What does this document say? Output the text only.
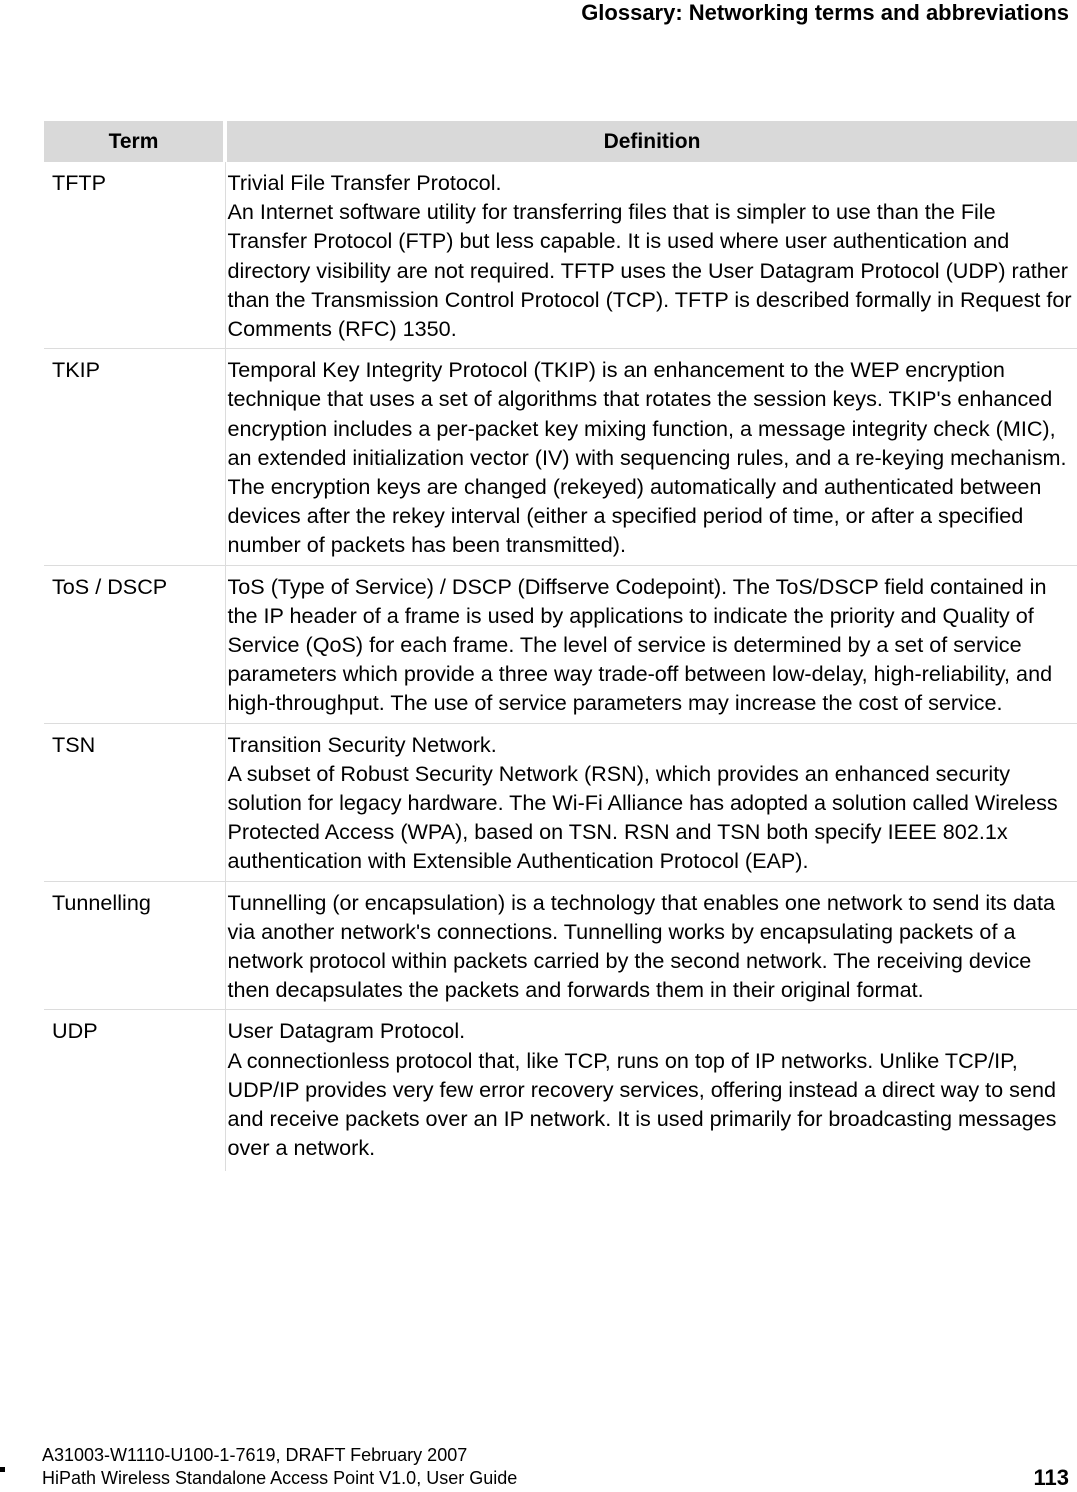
Glossary: Networking terms and abbreviations
Term	Definition
TFTP	Trivial File Transfer Protocol.
An Internet software utility for transferring files that is simpler to use than the File Transfer Protocol (FTP) but less capable. It is used where user authentication and directory visibility are not required. TFTP uses the User Datagram Protocol (UDP) rather than the Transmission Control Protocol (TCP). TFTP is described formally in Request for Comments (RFC) 1350.

TKIP	Temporal Key Integrity Protocol (TKIP) is an enhancement to the WEP encryption technique that uses a set of algorithms that rotates the session keys. TKIP's enhanced encryption includes a per-packet key mixing function, a message integrity check (MIC), an extended initialization vector (IV) with sequencing rules, and a re-keying mechanism. The encryption keys are changed (rekeyed) automatically and authenticated between devices after the rekey interval (either a specified period of time, or after a specified number of packets has been transmitted).

ToS / DSCP	ToS (Type of Service) / DSCP (Diffserve Codepoint). The ToS/DSCP field contained in the IP header of a frame is used by applications to indicate the priority and Quality of Service (QoS) for each frame. The level of service is determined by a set of service parameters which provide a three way trade-off between low-delay, high-reliability, and high-throughput. The use of service parameters may increase the cost of service.

TSN	Transition Security Network.
A subset of Robust Security Network (RSN), which provides an enhanced security solution for legacy hardware. The Wi-Fi Alliance has adopted a solution called Wireless Protected Access (WPA), based on TSN. RSN and TSN both specify IEEE 802.1x authentication with Extensible Authentication Protocol (EAP).

Tunnelling	Tunnelling (or encapsulation) is a technology that enables one network to send its data via another network's connections. Tunnelling works by encapsulating packets of a network protocol within packets carried by the second network. The receiving device then decapsulates the packets and forwards them in their original format.

UDP	User Datagram Protocol.
A connectionless protocol that, like TCP, runs on top of IP networks. Unlike TCP/IP, UDP/IP provides very few error recovery services, offering instead a direct way to send and receive packets over an IP network. It is used primarily for broadcasting messages over a network.
A31003-W1110-U100-1-7619, DRAFT February 2007
HiPath Wireless Standalone Access Point V1.0, User Guide	113
